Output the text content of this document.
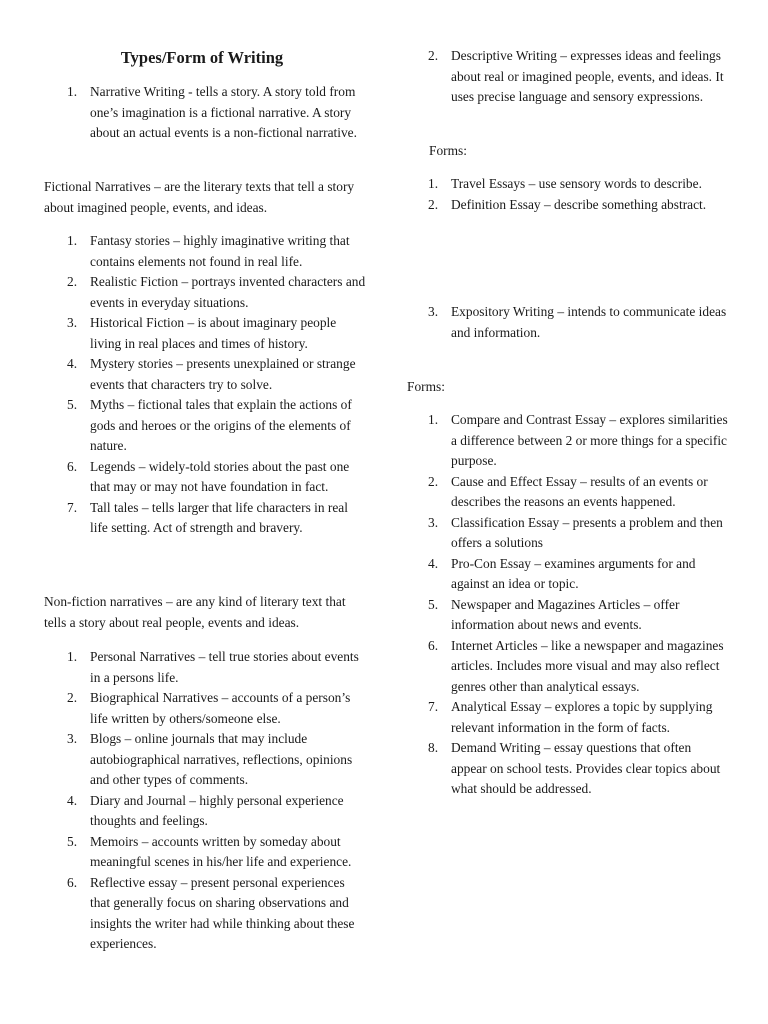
Types/Form of Writing
1. Narrative Writing - tells a story. A story told from one’s imagination is a fictional narrative. A story about an actual events is a non-fictional narrative.

Fictional Narratives – are the literary texts that tell a story about imagined people, events, and ideas.

1. Fantasy stories – highly imaginative writing that contains elements not found in real life.
2. Realistic Fiction – portrays invented characters and events in everyday situations.
3. Historical Fiction – is about imaginary people living in real places and times of history.
4. Mystery stories – presents unexplained or strange events that characters try to solve.
5. Myths – fictional tales that explain the actions of gods and heroes or the origins of the elements of nature.
6. Legends – widely-told stories about the past one that may or may not have foundation in fact.
7. Tall tales – tells larger that life characters in real life setting. Act of strength and bravery.

Non-fiction narratives – are any kind of literary text that tells a story about real people, events and ideas.

1. Personal Narratives – tell true stories about events in a persons life.
2. Biographical Narratives – accounts of a person’s life written by others/someone else.
3. Blogs – online journals that may include autobiographical narratives, reflections, opinions and other types of comments.
4. Diary and Journal – highly personal experience thoughts and feelings.
5. Memoirs – accounts written by someday about meaningful scenes in his/her life and experience.
6. Reflective essay – present personal experiences that generally focus on sharing observations and insights the writer had while thinking about these experiences.
2. Descriptive Writing – expresses ideas and feelings about real or imagined people, events, and ideas. It uses precise language and sensory expressions.

Forms:

1. Travel Essays – use sensory words to describe.
2. Definition Essay – describe something abstract.
3. Expository Writing – intends to communicate ideas and information.

Forms:

1. Compare and Contrast Essay – explores similarities a difference between 2 or more things for a specific purpose.
2. Cause and Effect Essay – results of an events or describes the reasons an events happened.
3. Classification Essay – presents a problem and then offers a solutions
4. Pro-Con Essay – examines arguments for and against an idea or topic.
5. Newspaper and Magazines Articles – offer information about news and events.
6. Internet Articles – like a newspaper and magazines articles. Includes more visual and may also reflect genres other than analytical essays.
7. Analytical Essay – explores a topic by supplying relevant information in the form of facts.
8. Demand Writing – essay questions that often appear on school tests. Provides clear topics about what should be addressed.
